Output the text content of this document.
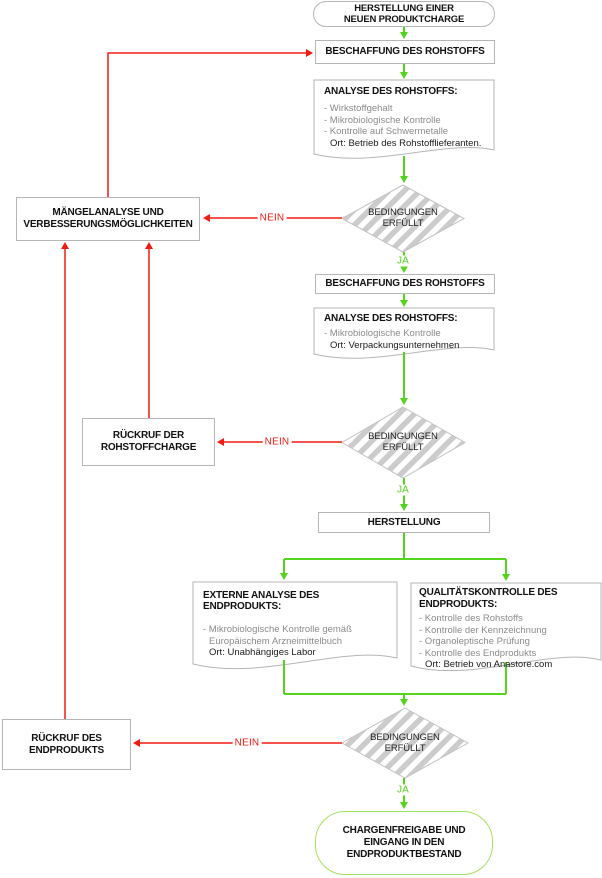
HERSTELLUNG EINER NEUEN PRODUKTCHARGE
BESCHAFFUNG DES ROHSTOFFS
ANALYSE DES ROHSTOFFS:
- Wirkstoffgehalt
- Mikrobiologische Kontrolle
- Kontrolle auf Schwermetalle
Ort: Betrieb des Rohstofflieferanten.
BEDINGUNGEN ERFÜLLT
BESCHAFFUNG DES ROHSTOFFS
ANALYSE DES ROHSTOFFS:
- Mikrobiologische Kontrolle
Ort: Verpackungsunternehmen
BEDINGUNGEN ERFÜLLT
HERSTELLUNG
EXTERNE ANALYSE DES ENDPRODUKTS:
- Mikrobiologische Kontrolle gemäß Europäischem Arzneimittelbuch
Ort: Unabhängiges Labor
QUALITÄTSKONTROLLE DES ENDPRODUKTS:
- Kontrolle des Rohstoffs
- Kontrolle der Kennzeichnung
- Organoleptische Prüfung
- Kontrolle des Endprodukts
Ort: Betrieb von Anastore.com
BEDINGUNGEN ERFÜLLT
CHARGENFREIGABE UND EINGANG IN DEN ENDPRODUKTBESTAND
MÄNGELANALYSE UND VERBESSERUNGSMÖGLICHKEITEN
RÜCKRUF DER ROHSTOFFCHARGE
RÜCKRUF DES ENDPRODUKTS
NEIN
NEIN
NEIN
JA
JA
JA
